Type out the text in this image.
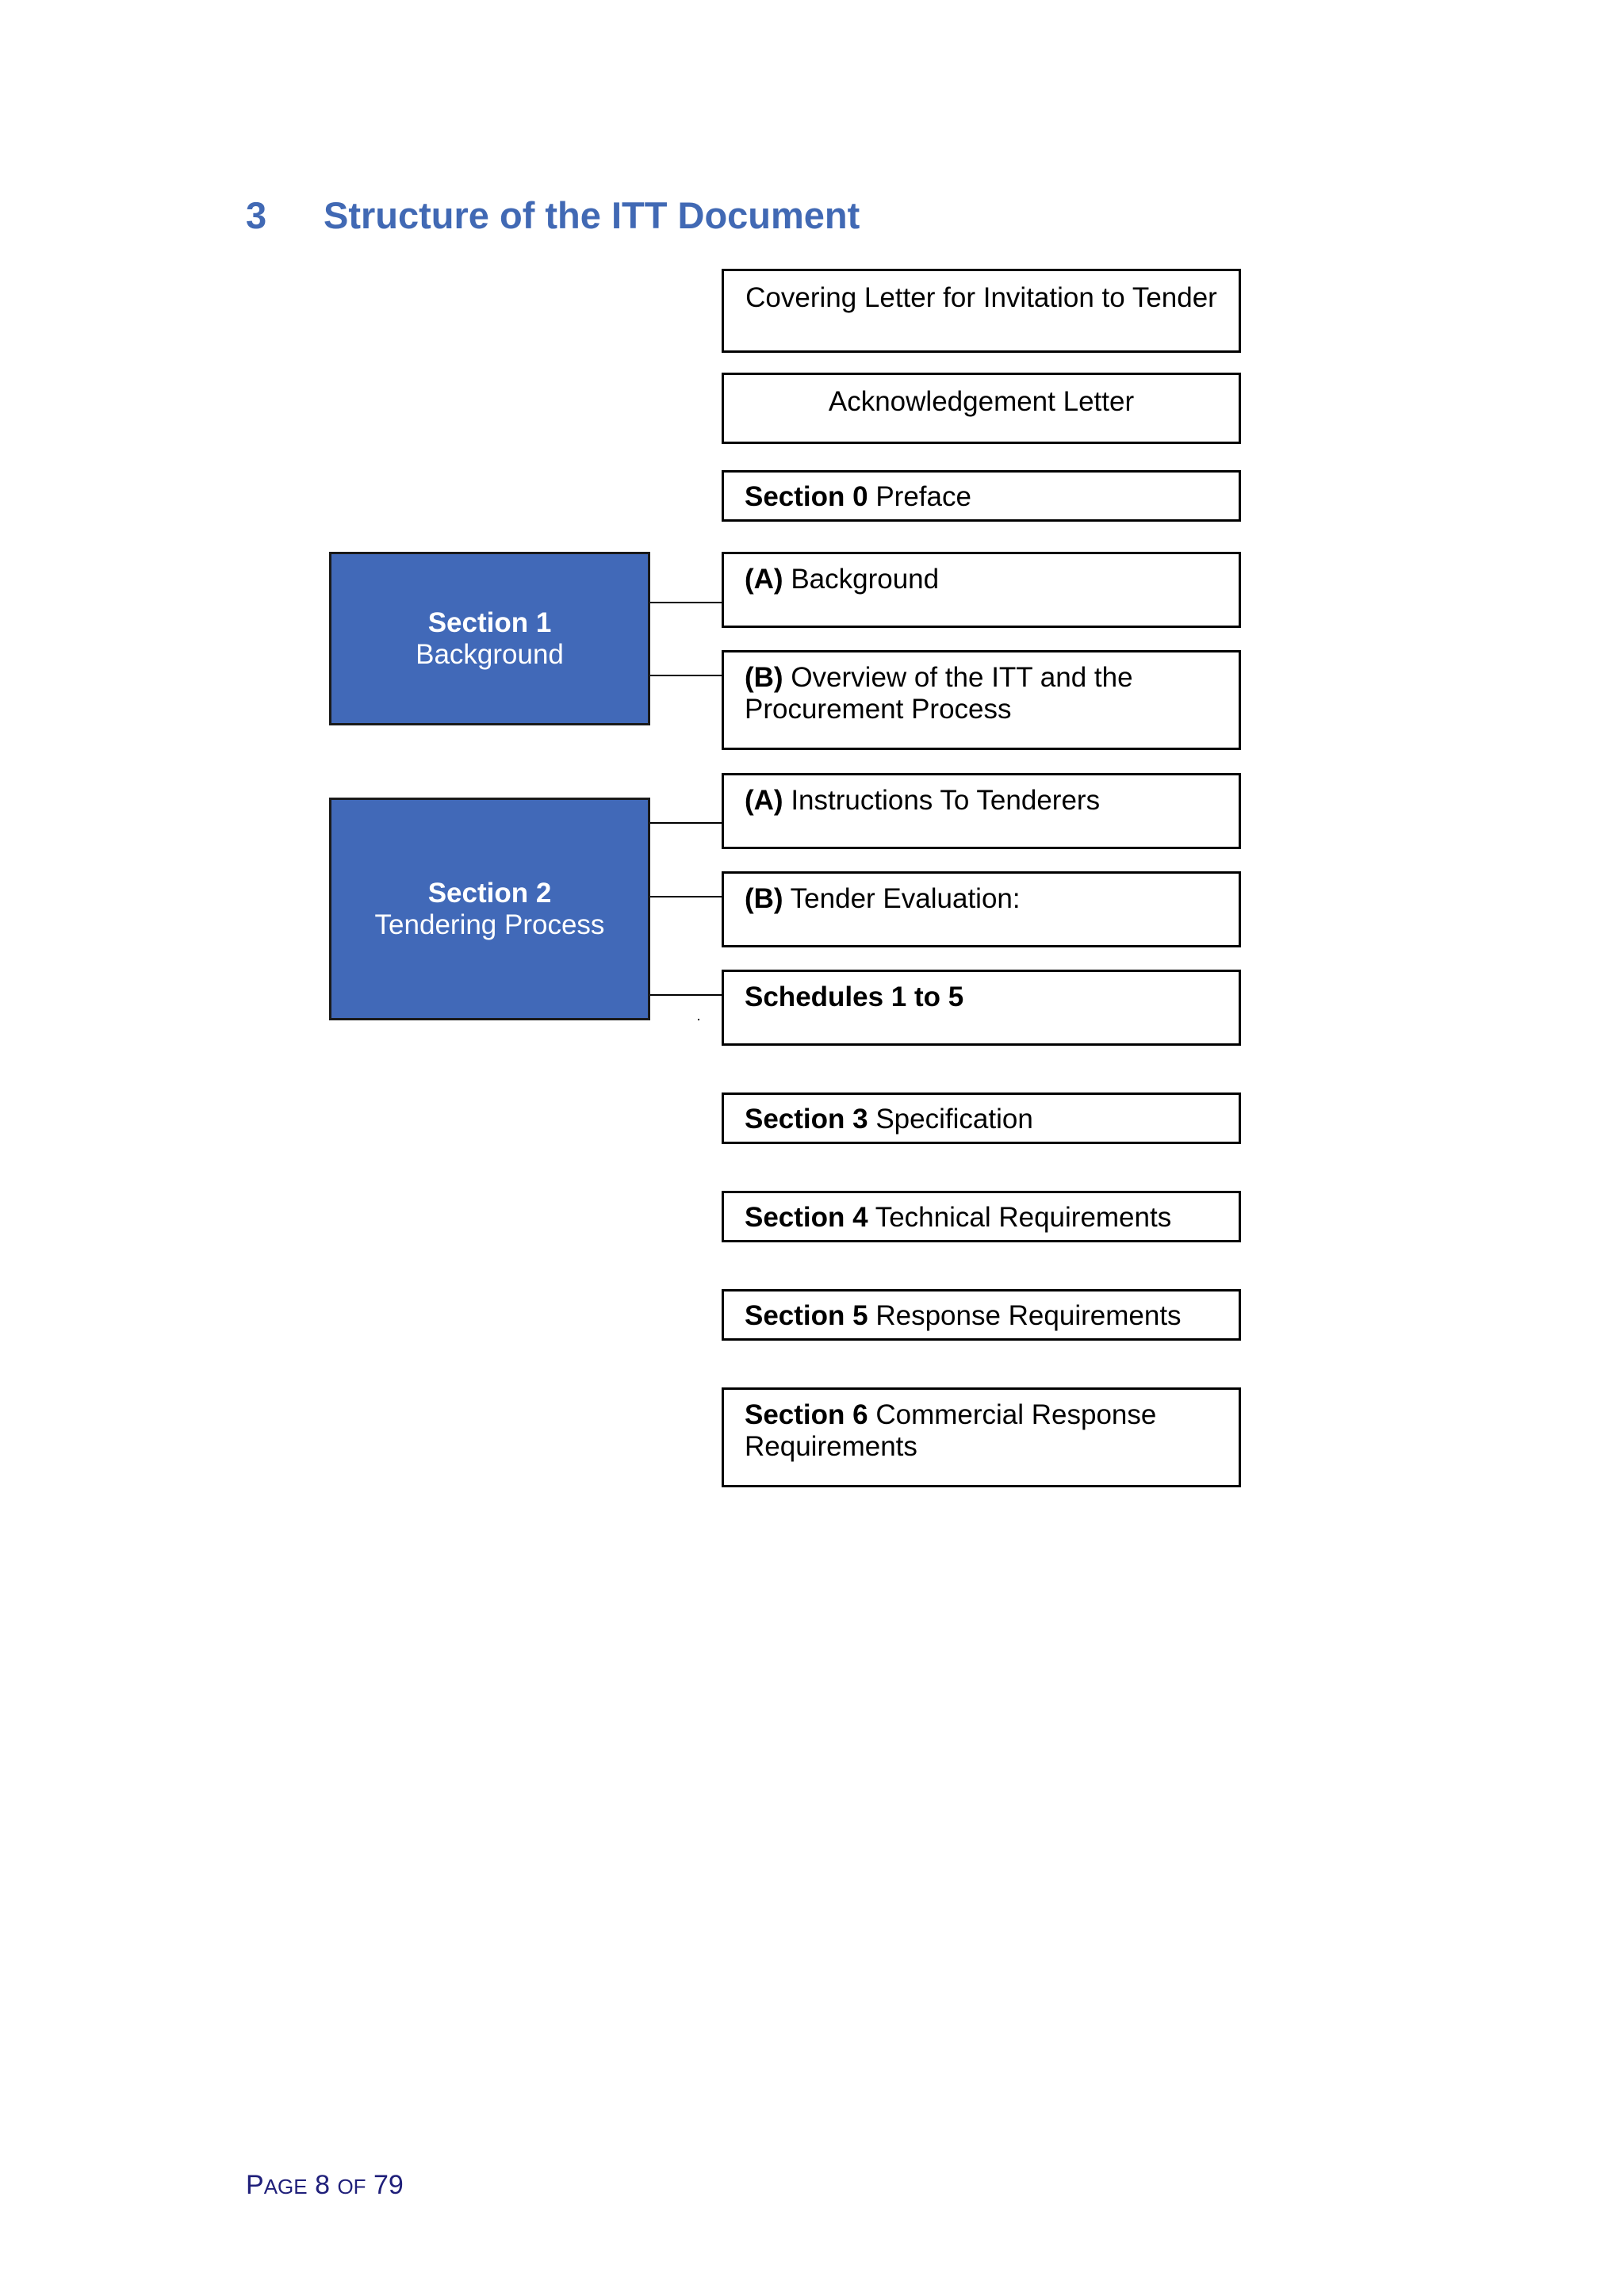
3 Structure of the ITT Document
Covering Letter for Invitation to Tender
Acknowledgement Letter
Section 0 Preface
Section 1
Background
(A) Background
(B) Overview of the ITT and the Procurement Process
Section 2
Tendering Process
(A) Instructions To Tenderers
(B) Tender Evaluation:
Schedules 1 to 5
Section 3 Specification
Section 4 Technical Requirements
Section 5 Response Requirements
Section 6 Commercial Response Requirements
PAGE 8 OF 79
